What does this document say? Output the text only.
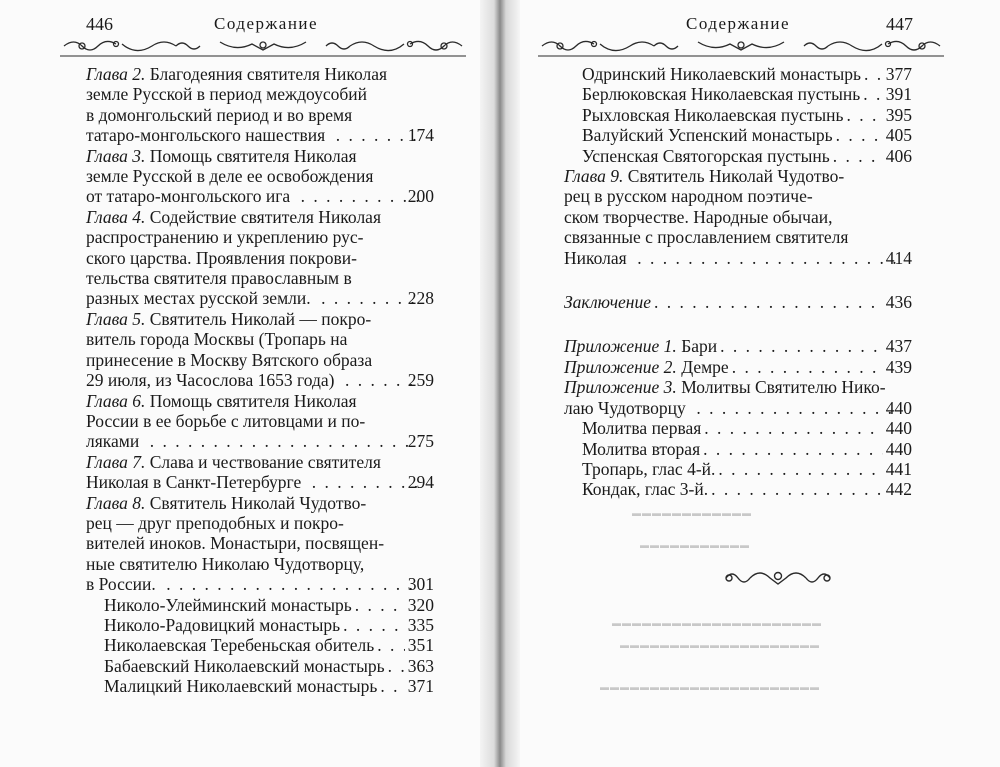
446	Содержание
Глава 2. Благодеяния святителя Николая
земле Русской в период междоусобий
в домонгольский период и во время
татаро-монгольского нашествия . . .	174
Глава 3. Помощь святителя Николая
земле Русской в деле ее освобождения
от татаро-монгольского ига . . .	200
Глава 4. Содействие святителя Николая
распространению и укреплению рус-
ского царства. Проявления покрови-
тельства святителя православным в
разных местах русской земли. . . .	228
Глава 5. Святитель Николай — покро-
витель города Москвы (Тропарь на
принесение в Москву Вятского образа
29 июля, из Часослова 1653 года) . . .	259
Глава 6. Помощь святителя Николая
России в ее борьбе с литовцами и по-
ляками . . .	275
Глава 7. Слава и чествование святителя
Николая в Санкт-Петербурге . . .	294
Глава 8. Святитель Николай Чудотво-
рец — друг преподобных и покро-
вителей иноков. Монастыри, посвящен-
ные святителю Николаю Чудотворцу,
в России. . . .	301
Николо-Улейминский монастырь . . .	320
Николо-Радовицкий монастырь . . .	335
Николаевская Теребеньская обитель . . . 351
Бабаевский Николаевский монастырь . . . 363
Малицкий Николаевский монастырь . . . 371
Содержание	447
Одринский Николаевский монастырь . . . 377
Берлюковская Николаевская пустынь . . . 391
Рыхловская Николаевская пустынь . . . 395
Валуйский Успенский монастырь . . .	405
Успенская Святогорская пустынь . . .	406
Глава 9. Святитель Николай Чудотво-
рец в русском народном поэтиче-
ском творчестве. Народные обычаи,
связанные с прославлением святителя
Николая . . .	414
Заключение . . .	436
Приложение 1. Бари . . .	437
Приложение 2. Демре . . .	439
Приложение 3. Молитвы Святителю Нико-
лаю Чудотворцу . . .	440
Молитва первая . . .	440
Молитва вторая . . .	440
Тропарь, глас 4-й. . . .	441
Кондак, глас 3-й. . . .	442
▬▬▬▬▬▬▬▬▬▬▬▬
▬▬▬▬▬▬▬▬▬▬▬
▬▬▬▬▬▬▬▬▬▬▬▬▬▬▬▬▬▬▬▬▬
▬▬▬▬▬▬▬▬▬▬▬▬▬▬▬▬▬▬▬▬
▬▬▬▬▬▬▬▬▬▬▬▬▬▬▬▬▬▬▬▬▬▬
